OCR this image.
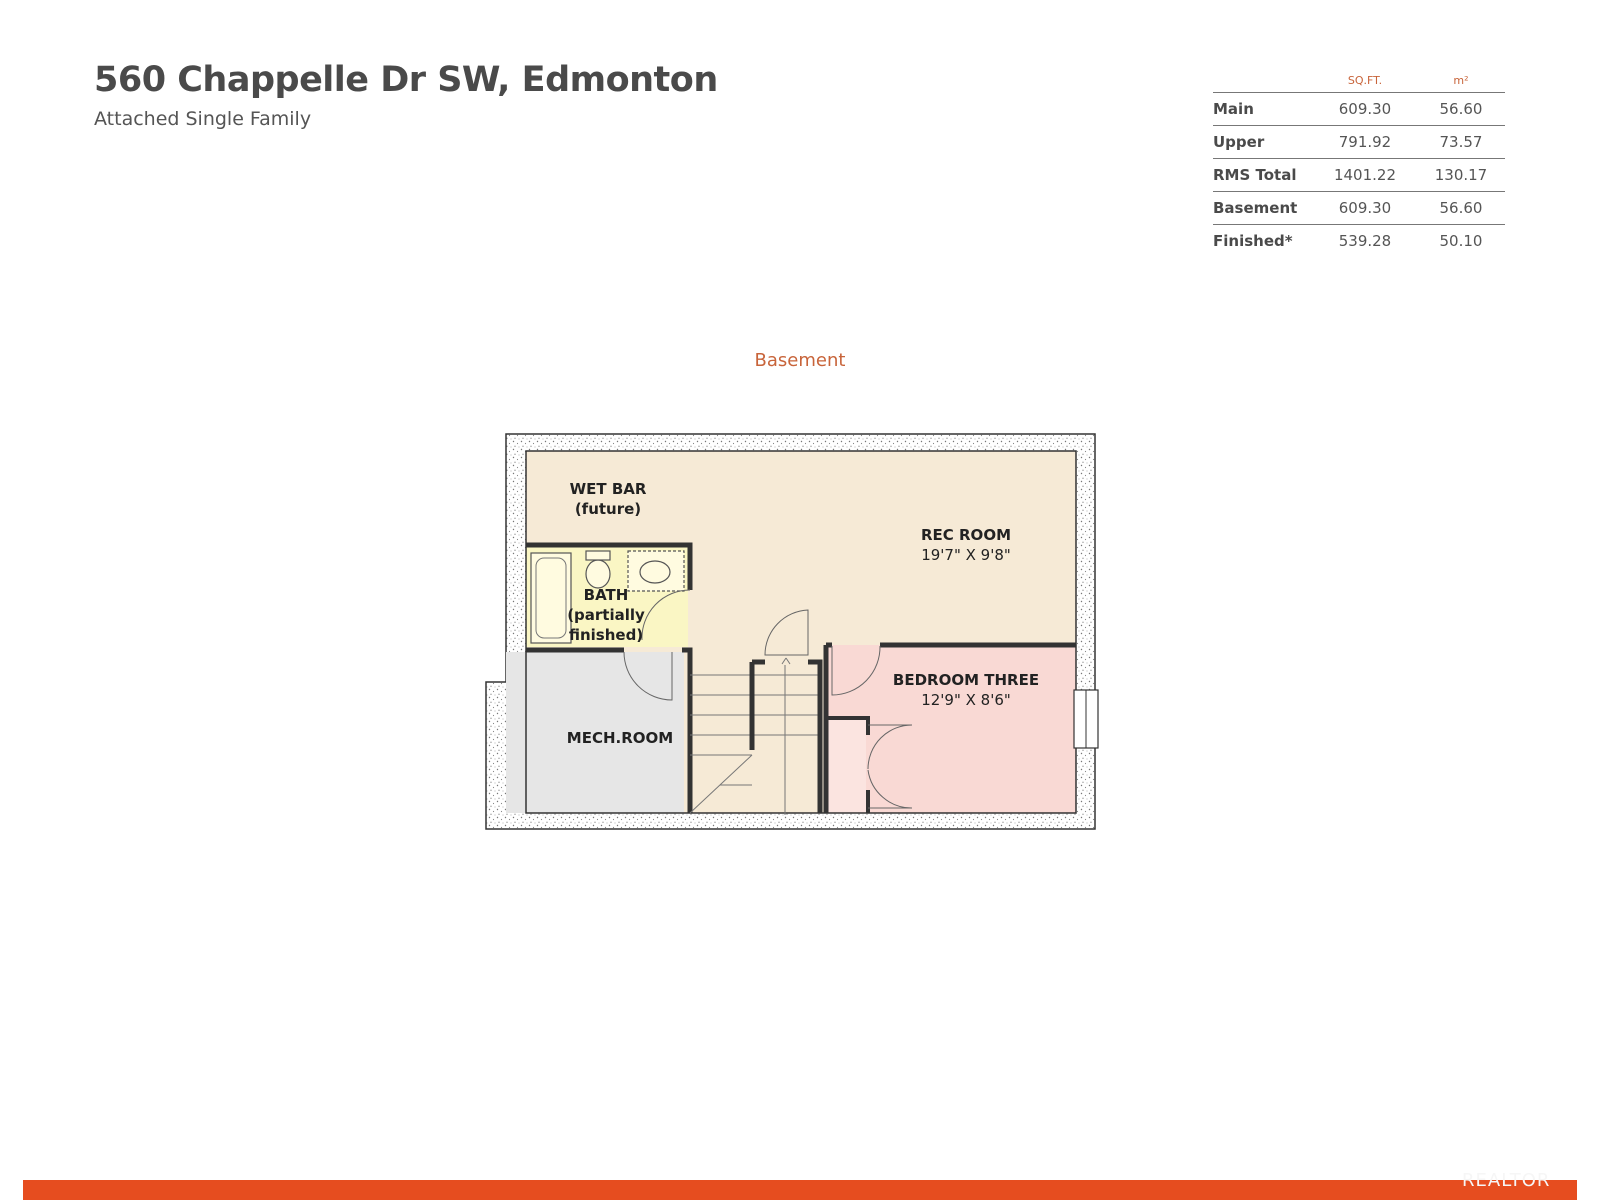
560 Chappelle Dr SW, Edmonton

Attached Single Family

	SQ.FT.	m²
Main	609.30	56.60
Upper	791.92	73.57
RMS Total	1401.22	130.17
Basement	609.30	56.60
Finished*	539.28	50.10

Basement

WET BAR
(future)
REC ROOM
19'7" X 9'8"
BATH
(partially
finished)
MECH.ROOM
BEDROOM THREE
12'9" X 8'6"
REALTOR
